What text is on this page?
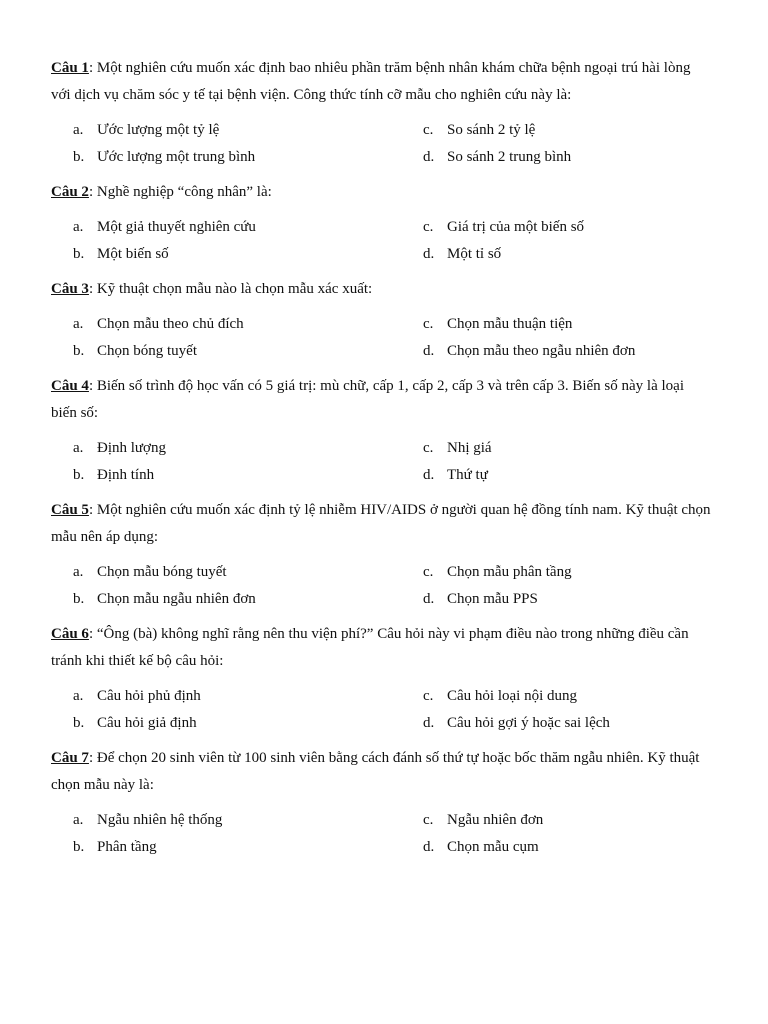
Câu 1: Một nghiên cứu muốn xác định bao nhiêu phần trăm bệnh nhân khám chữa bệnh ngoại trú hài lòng với dịch vụ chăm sóc y tế tại bệnh viện. Công thức tính cỡ mẫu cho nghiên cứu này là:

a. Ước lượng một tỷ lệ	c. So sánh 2 tỷ lệ
b. Ước lượng một trung bình	d. So sánh 2 trung bình

Câu 2: Nghề nghiệp “công nhân” là:

a. Một giả thuyết nghiên cứu	c. Giá trị của một biến số
b. Một biến số	d. Một tỉ số

Câu 3: Kỹ thuật chọn mẫu nào là chọn mẫu xác xuất:

a. Chọn mẫu theo chủ đích	c. Chọn mẫu thuận tiện
b. Chọn bóng tuyết	d. Chọn mẫu theo ngẫu nhiên đơn

Câu 4: Biến số trình độ học vấn có 5 giá trị: mù chữ, cấp 1, cấp 2, cấp 3 và trên cấp 3. Biến số này là loại biến số:

a. Định lượng	c. Nhị giá
b. Định tính	d. Thứ tự

Câu 5: Một nghiên cứu muốn xác định tỷ lệ nhiễm HIV/AIDS ở người quan hệ đồng tính nam. Kỹ thuật chọn mẫu nên áp dụng:

a. Chọn mẫu bóng tuyết	c. Chọn mẫu phân tầng
b. Chọn mẫu ngẫu nhiên đơn	d. Chọn mẫu PPS

Câu 6: “Ông (bà) không nghĩ rằng nên thu viện phí?” Câu hỏi này vi phạm điều nào trong những điều cần tránh khi thiết kế bộ câu hỏi:

a. Câu hỏi phủ định	c. Câu hỏi loại nội dung
b. Câu hỏi giả định	d. Câu hỏi gợi ý hoặc sai lệch

Câu 7: Để chọn 20 sinh viên từ 100 sinh viên bằng cách đánh số thứ tự hoặc bốc thăm ngẫu nhiên. Kỹ thuật chọn mẫu này là:

a. Ngẫu nhiên hệ thống	c. Ngẫu nhiên đơn
b. Phân tầng	d. Chọn mẫu cụm
